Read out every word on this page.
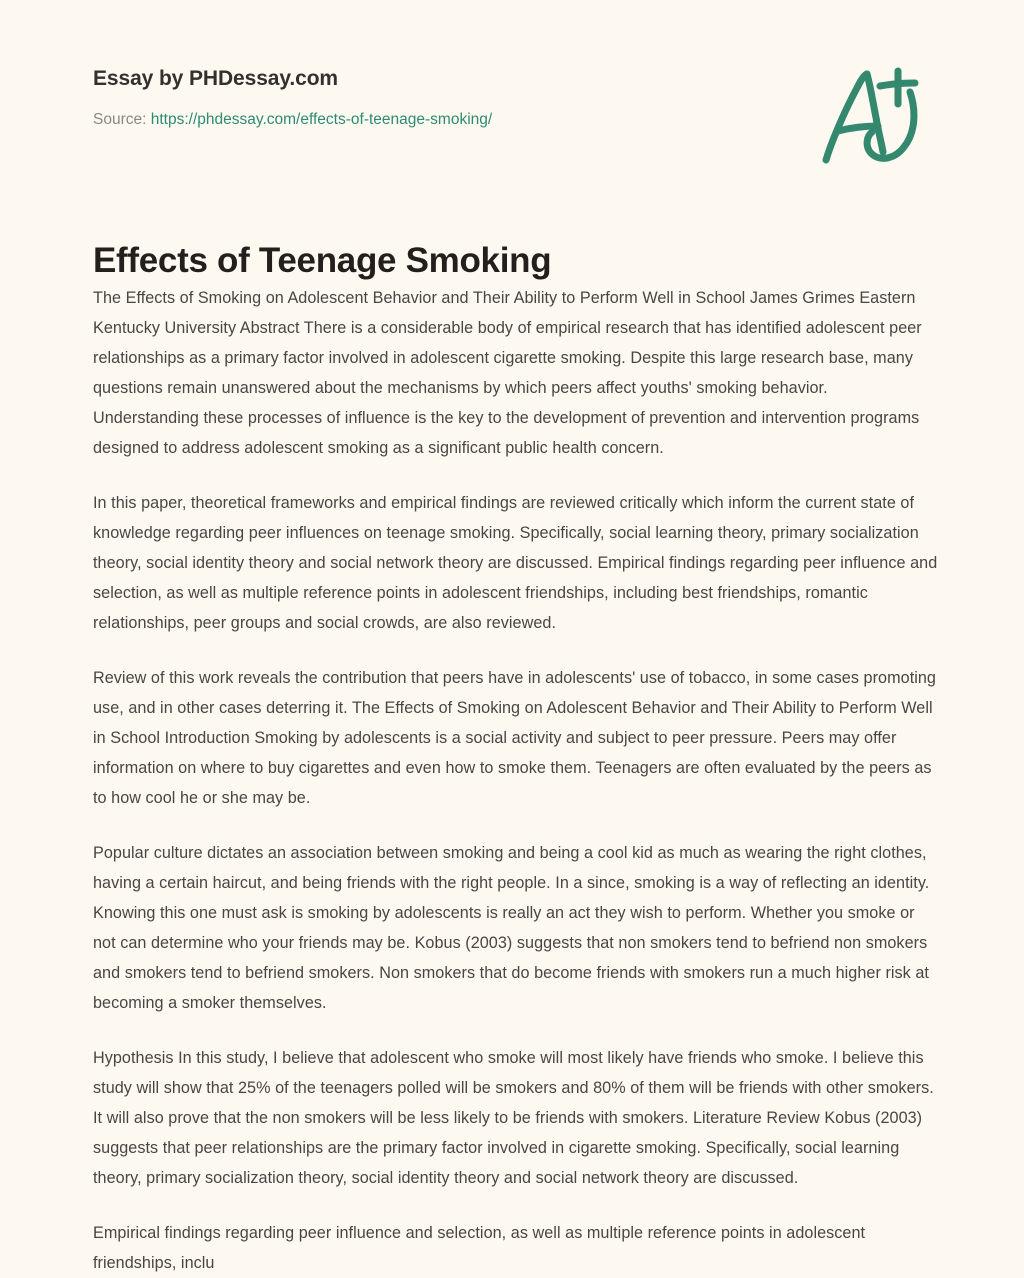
Essay by PHDessay.com
Source: https://phdessay.com/effects-of-teenage-smoking/
Effects of Teenage Smoking

The Effects of Smoking on Adolescent Behavior and Their Ability to Perform Well in School James Grimes Eastern Kentucky University Abstract There is a considerable body of empirical research that has identified adolescent peer relationships as a primary factor involved in adolescent cigarette smoking. Despite this large research base, many questions remain unanswered about the mechanisms by which peers affect youths' smoking behavior. Understanding these processes of influence is the key to the development of prevention and intervention programs designed to address adolescent smoking as a significant public health concern.

In this paper, theoretical frameworks and empirical findings are reviewed critically which inform the current state of knowledge regarding peer influences on teenage smoking. Specifically, social learning theory, primary socialization theory, social identity theory and social network theory are discussed. Empirical findings regarding peer influence and selection, as well as multiple reference points in adolescent friendships, including best friendships, romantic relationships, peer groups and social crowds, are also reviewed.

Review of this work reveals the contribution that peers have in adolescents' use of tobacco, in some cases promoting use, and in other cases deterring it. The Effects of Smoking on Adolescent Behavior and Their Ability to Perform Well in School Introduction Smoking by adolescents is a social activity and subject to peer pressure. Peers may offer information on where to buy cigarettes and even how to smoke them. Teenagers are often evaluated by the peers as to how cool he or she may be.

Popular culture dictates an association between smoking and being a cool kid as much as wearing the right clothes, having a certain haircut, and being friends with the right people. In a since, smoking is a way of reflecting an identity. Knowing this one must ask is smoking by adolescents is really an act they wish to perform. Whether you smoke or not can determine who your friends may be. Kobus (2003) suggests that non smokers tend to befriend non smokers and smokers tend to befriend smokers. Non smokers that do become friends with smokers run a much higher risk at becoming a smoker themselves.

Hypothesis In this study, I believe that adolescent who smoke will most likely have friends who smoke. I believe this study will show that 25% of the teenagers polled will be smokers and 80% of them will be friends with other smokers. It will also prove that the non smokers will be less likely to be friends with smokers. Literature Review Kobus (2003) suggests that peer relationships are the primary factor involved in cigarette smoking. Specifically, social learning theory, primary socialization theory, social identity theory and social network theory are discussed.

Empirical findings regarding peer influence and selection, as well as multiple reference points in adolescent friendships, inclu
